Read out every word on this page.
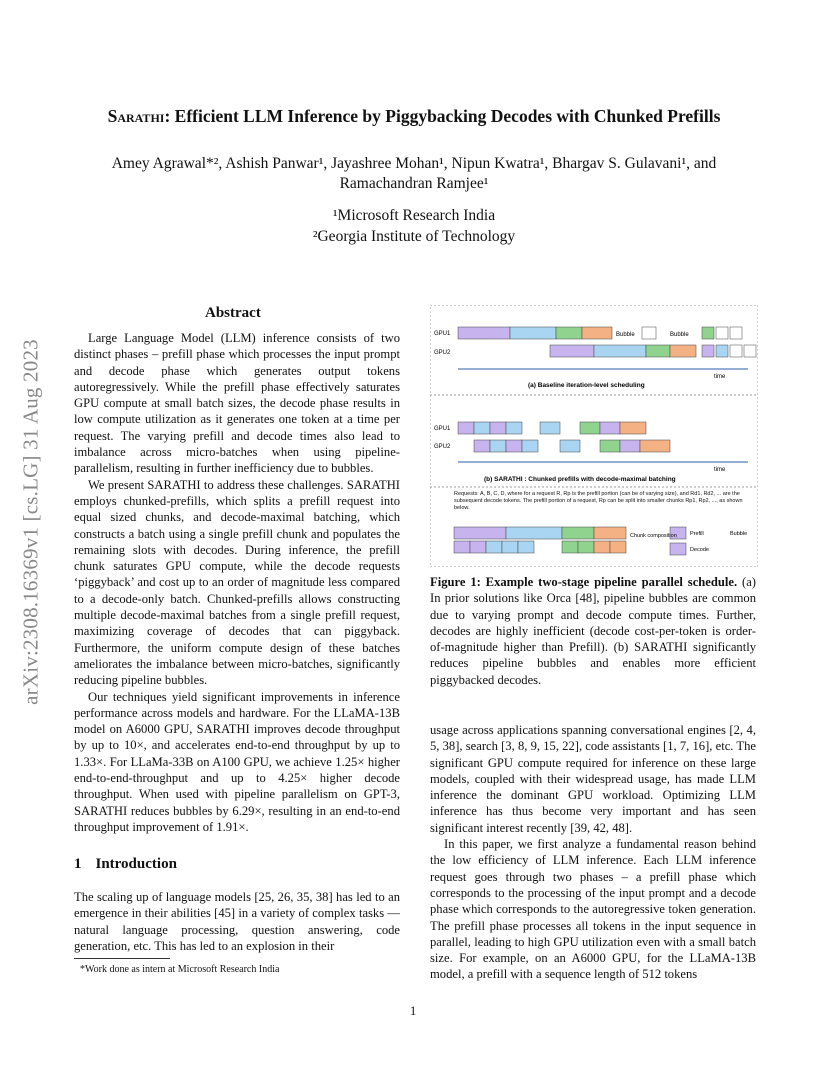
Sarathi: Efficient LLM Inference by Piggybacking Decodes with Chunked Prefills
Amey Agrawal*², Ashish Panwar¹, Jayashree Mohan¹, Nipun Kwatra¹, Bhargav S. Gulavani¹, and
Ramachandran Ramjee¹
¹Microsoft Research India
²Georgia Institute of Technology
arXiv:2308.16369v1 [cs.LG] 31 Aug 2023
Abstract

Large Language Model (LLM) inference consists of two distinct phases – prefill phase which processes the input prompt and decode phase which generates output tokens autoregressively. While the prefill phase effectively saturates GPU compute at small batch sizes, the decode phase results in low compute utilization as it generates one token at a time per request. The varying prefill and decode times also lead to imbalance across micro-batches when using pipeline-parallelism, resulting in further inefficiency due to bubbles.

We present SARATHI to address these challenges. SARATHI employs chunked-prefills, which splits a prefill request into equal sized chunks, and decode-maximal batching, which constructs a batch using a single prefill chunk and populates the remaining slots with decodes. During inference, the prefill chunk saturates GPU compute, while the decode requests ‘piggyback’ and cost up to an order of magnitude less compared to a decode-only batch. Chunked-prefills allows constructing multiple decode-maximal batches from a single prefill request, maximizing coverage of decodes that can piggyback. Furthermore, the uniform compute design of these batches ameliorates the imbalance between micro-batches, significantly reducing pipeline bubbles.

Our techniques yield significant improvements in inference performance across models and hardware. For the LLaMA-13B model on A6000 GPU, SARATHI improves decode throughput by up to 10×, and accelerates end-to-end throughput by up to 1.33×. For LLaMa-33B on A100 GPU, we achieve 1.25× higher end-to-end-throughput and up to 4.25× higher decode throughput. When used with pipeline parallelism on GPT-3, SARATHI reduces bubbles by 6.29×, resulting in an end-to-end throughput improvement of 1.91×.

1 Introduction

The scaling up of language models [25, 26, 35, 38] has led to an emergence in their abilities [45] in a variety of complex tasks — natural language processing, question answering, code generation, etc. This has led to an explosion in their

*Work done as intern at Microsoft Research India
GPU1
GPU2
Bubble	Bubble
time
(a) Baseline iteration-level scheduling
GPU1
GPU2
time
(b) SARATHI : Chunked prefills with decode-maximal batching
Requests: A, B, C, D, where for a request R, Rp is the prefill portion (can be of varying size), and Rd1, Rd2, ... are the subsequent decode tokens. The prefill portion of a request, Rp can be split into smaller chunks Rp1, Rp2, ..., as shown below.
Chunk composition Prefill	Bubble
Decode

Figure 1: Example two-stage pipeline parallel schedule. (a) In prior solutions like Orca [48], pipeline bubbles are common due to varying prompt and decode compute times. Further, decodes are highly inefficient (decode cost-per-token is order-of-magnitude higher than Prefill). (b) SARATHI significantly reduces pipeline bubbles and enables more efficient piggybacked decodes.

usage across applications spanning conversational engines [2, 4, 5, 38], search [3, 8, 9, 15, 22], code assistants [1, 7, 16], etc. The significant GPU compute required for inference on these large models, coupled with their widespread usage, has made LLM inference the dominant GPU workload. Optimizing LLM inference has thus become very important and has seen significant interest recently [39, 42, 48].

In this paper, we first analyze a fundamental reason behind the low efficiency of LLM inference. Each LLM inference request goes through two phases – a prefill phase which corresponds to the processing of the input prompt and a decode phase which corresponds to the autoregressive token generation. The prefill phase processes all tokens in the input sequence in parallel, leading to high GPU utilization even with a small batch size. For example, on an A6000 GPU, for the LLaMA-13B model, a prefill with a sequence length of 512 tokens

1
